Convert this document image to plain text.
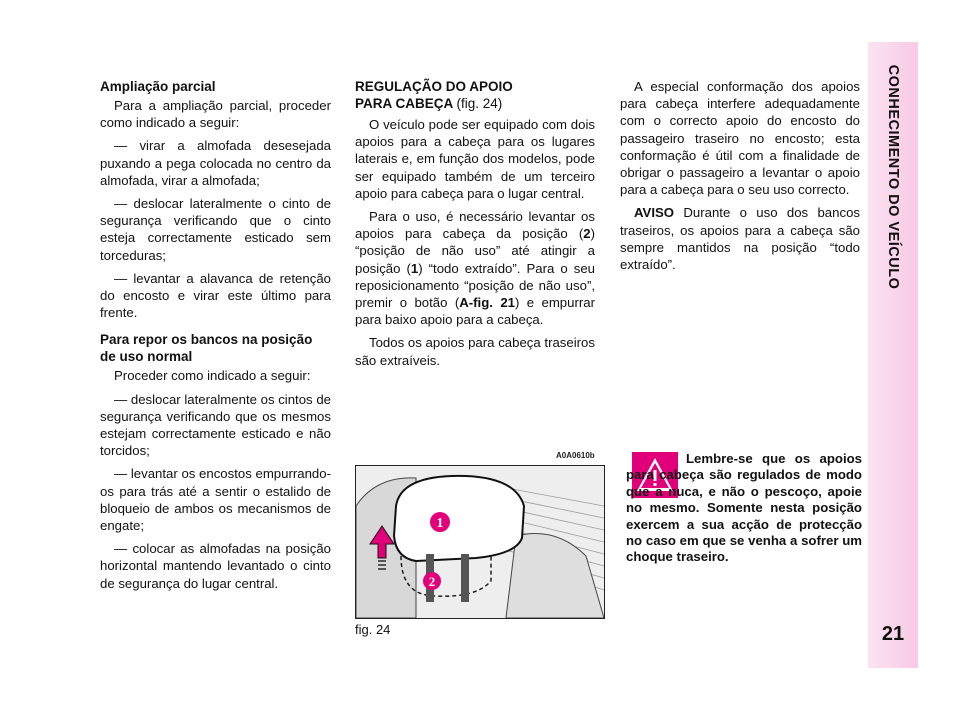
Ampliação parcial

Para a ampliação parcial, proceder como indicado a seguir:

— virar a almofada desesejada puxando a pega colocada no centro da almofada, virar a almofada;

— deslocar lateralmente o cinto de segurança verificando que o cinto esteja correctamente esticado sem torceduras;

— levantar a alavanca de retenção do encosto e virar este último para frente.

Para repor os bancos na posição de uso normal

Proceder como indicado a seguir:

— deslocar lateralmente os cintos de segurança verificando que os mesmos estejam correctamente esticado e não torcidos;

— levantar os encostos empurrando-os para trás até a sentir o estalido de bloqueio de ambos os mecanismos de engate;

— colocar as almofadas na posição horizontal mantendo levantado o cinto de segurança do lugar central.

REGULAÇÃO DO APOIO
PARA CABEÇA (fig. 24)

O veículo pode ser equipado com dois apoios para a cabeça para os lugares laterais e, em função dos modelos, pode ser equipado também de um terceiro apoio para cabeça para o lugar central.

Para o uso, é necessário levantar os apoios para cabeça da posição (2) “posição de não uso” até atingir a posição (1) “todo extraído”. Para o seu reposicionamento “posição de não uso”, premir o botão (A-fig. 21) e empurrar para baixo apoio para a cabeça.

Todos os apoios para cabeça traseiros são extraíveis.

A especial conformação dos apoios para cabeça interfere adequadamente com o correcto apoio do encosto do passageiro traseiro no encosto; esta conformação é útil com a finalidade de obrigar o passageiro a levantar o apoio para a cabeça para o seu uso correcto.

AVISO Durante o uso dos bancos traseiros, os apoios para a cabeça são sempre mantidos na posição “todo extraído”.

A0A0610b
1
2
fig. 24
Lembre-se que os apoios para cabeça são regulados de modo que a nuca, e não o pescoço, apoie no mesmo. Somente nesta posição exercem a sua acção de protecção no caso em que se venha a sofrer um choque traseiro.
CONHECIMENTO DO VEÍCULO
21
